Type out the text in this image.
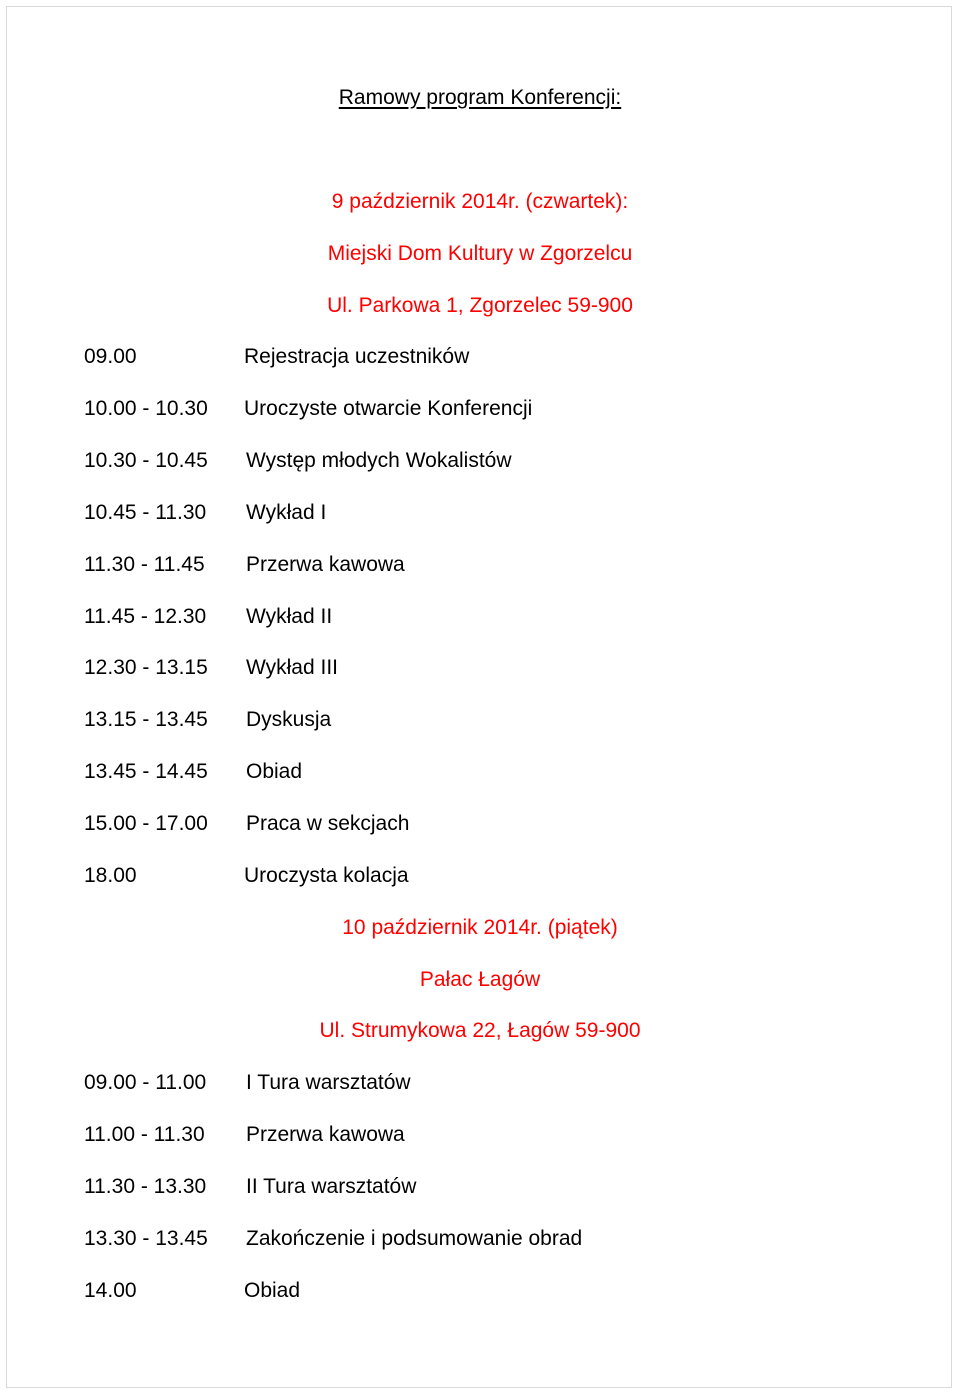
Ramowy program Konferencji:
9 październik 2014r. (czwartek):
Miejski Dom Kultury w Zgorzelcu
Ul. Parkowa 1, Zgorzelec 59-900
09.00	Rejestracja uczestników
10.00 - 10.30 Uroczyste otwarcie Konferencji
10.30 - 10.45 Występ młodych Wokalistów
10.45 - 11.30 Wykład I
11.30 - 11.45 Przerwa kawowa
11.45 - 12.30 Wykład II
12.30 - 13.15 Wykład III
13.15 - 13.45 Dyskusja
13.45 - 14.45 Obiad
15.00 - 17.00 Praca w sekcjach
18.00	Uroczysta kolacja
10 październik 2014r. (piątek)
Pałac Łagów
Ul. Strumykowa 22, Łagów 59-900
09.00 - 11.00 I Tura warsztatów
11.00 - 11.30 Przerwa kawowa
11.30 - 13.30 II Tura warsztatów
13.30 - 13.45 Zakończenie i podsumowanie obrad
14.00	Obiad
